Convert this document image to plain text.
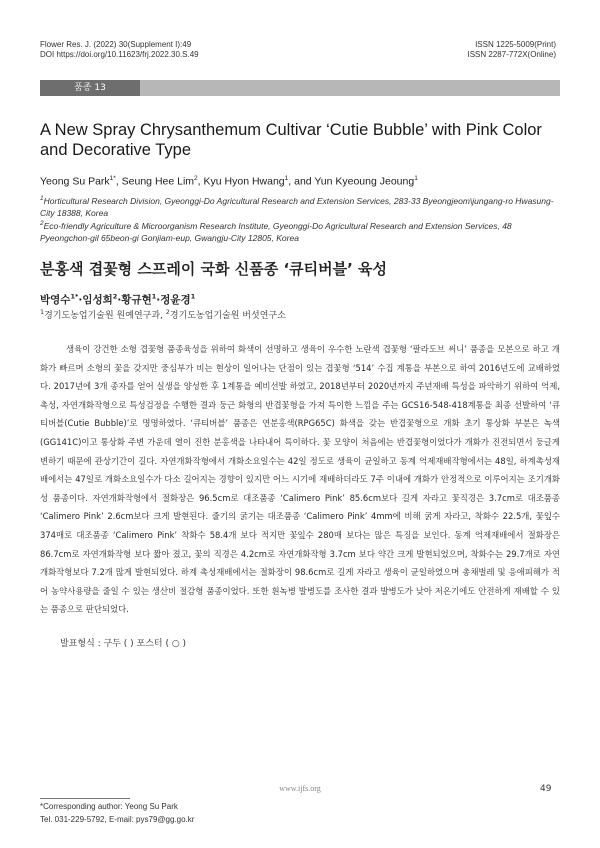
Flower Res. J. (2022) 30(Supplement I):49
DOI https://doi.org/10.11623/frj.2022.30.S.49
ISSN 1225-5009(Print)
ISSN 2287-772X(Online)
품종 13
A New Spray Chrysanthemum Cultivar ‘Cutie Bubble’ with Pink Color and Decorative Type
Yeong Su Park$^{1*}$, Seung Hee Lim$^2$, Kyu Hyon Hwang$^1$, and Yun Kyeoung Jeoung$^1$
$^1$Horticultural Research Division, Gyeonggi-Do Agricultural Research and Extension Services, 283-33 Byeongjeom\jungang-ro Hwasung-City 18388, Korea
$^2$Eco-friendly Agriculture & Microorganism Research Institute, Gyeonggi-Do Agricultural Research and Extension Services, 48 Pyeongchon-gil 65beon-gi Gonjiam-eup, Gwangju-City 12805, Korea
분홍색 겹꽃형 스프레이 국화 신품종 ‘큐티버블’ 육성
박영수$^{1*}$·임성희$^2$·황규현$^1$·정윤경$^1$
$^1$경기도농업기술원 원예연구과, $^2$경기도농업기술원 버섯연구소

생육이 강건한 소형 겹꽃형 품종육성을 위하여 화색이 선명하고 생육이 우수한 노란색 겹꽃형 ‘팔라도브 써니’ 품종을 모본으로 하고 개화가 빠르며 소형의 꽃을 갖지만 중심부가 비는 현상이 일어나는 단점이 있는 겹꽃형 ‘514’ 수집 계통을 부본으로 하여 2016년도에 교배하였다. 2017년에 3개 종자를 얻어 실생을 양성한 후 1계통을 예비선발 하였고, 2018년부터 2020년까지 주년재배 특성을 파악하기 위하여 억제, 촉성, 자연개화작형으로 특성검정을 수행한 결과 둥근 화형의 반겹꽃형을 가져 특이한 느낌을 주는 GCS16-548-418계통을 최종 선발하여 ‘큐티버블(Cutie Bubble)’로 명명하였다. ‘큐티버블’ 품종은 연분홍색(RPG65C) 화색을 갖는 반겹꽃형으로 개화 초기 통상화 부분은 녹색(GG141C)이고 통상화 주변 가운데 열이 진한 분홍색을 나타내어 특이하다. 꽃 모양이 처음에는 반겹꽃형이었다가 개화가 진전되면서 둥글게 변하기 때문에 관상기간이 길다. 자연개화작형에서 개화소요일수는 42일 정도로 생육이 균일하고 동계 억제재배작형에서는 48일, 하계촉성재배에서는 47일로 개화소요일수가 다소 길어지는 경향이 있지만 어느 시기에 재배하더라도 7주 이내에 개화가 안정적으로 이루어지는 조기개화성 품종이다. 자연개화작형에서 절화장은 96.5cm로 대조품종 ‘Calimero Pink’ 85.6cm보다 길게 자라고 꽃직경은 3.7cm로 대조품종 ‘Calimero Pink’ 2.6cm보다 크게 발현된다. 줄기의 굵기는 대조품종 ‘Calimero Pink’ 4mm에 비해 굵게 자라고, 착화수 22.5개, 꽃잎수 374매로 대조품종 ‘Calimero Pink’ 착화수 58.4개 보다 적지만 꽃잎수 280매 보다는 많은 특징을 보인다. 동계 억제재배에서 절화장은 86.7cm로 자연개화작형 보다 짧아 졌고, 꽃의 직경은 4.2cm로 자연개화작형 3.7cm 보다 약간 크게 발현되었으며, 착화수는 29.7개로 자연개화작형보다 7.2개 많게 발현되었다. 하계 촉성재배에서는 절화장이 98.6cm로 길게 자라고 생육이 균일하였으며 총채벌레 및 응애피해가 적어 농약사용량을 줄일 수 있는 생산비 절감형 품종이었다. 또한 흰녹병 발병도를 조사한 결과 발병도가 낮아 저온기에도 안전하게 재배할 수 있는 품종으로 판단되었다.

발표형식 : 구두 ( ) 포스터 ( ○ )
www.ijfs.org	49
*Corresponding author: Yeong Su Park
Tel. 031-229-5792, E-mail: pys79@gg.go.kr
